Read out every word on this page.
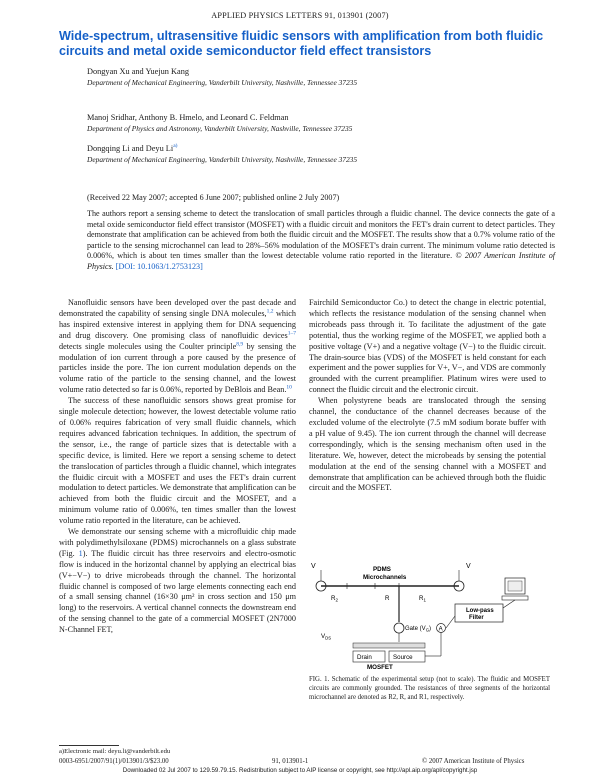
APPLIED PHYSICS LETTERS 91, 013901 (2007)
Wide-spectrum, ultrasensitive fluidic sensors with amplification from both fluidic circuits and metal oxide semiconductor field effect transistors
Dongyan Xu and Yuejun Kang
Department of Mechanical Engineering, Vanderbilt University, Nashville, Tennessee 37235
Manoj Sridhar, Anthony B. Hmelo, and Leonard C. Feldman
Department of Physics and Astronomy, Vanderbilt University, Nashville, Tennessee 37235
Dongqing Li and Deyu Li$^{a)}$
Department of Mechanical Engineering, Vanderbilt University, Nashville, Tennessee 37235
(Received 22 May 2007; accepted 6 June 2007; published online 2 July 2007)
The authors report a sensing scheme to detect the translocation of small particles through a fluidic channel. The device connects the gate of a metal oxide semiconductor field effect transistor (MOSFET) with a fluidic circuit and monitors the FET's drain current to detect particles. They demonstrate that amplification can be achieved from both the fluidic circuit and the MOSFET. The results show that a 0.7% volume ratio of the particle to the sensing microchannel can lead to 28%–56% modulation of the MOSFET's drain current. The minimum volume ratio detected is 0.006%, which is about ten times smaller than the lowest detectable volume ratio reported in the literature. © 2007 American Institute of Physics. [DOI: 10.1063/1.2753123]

Nanofluidic sensors have been developed over the past decade and demonstrated the capability of sensing single DNA molecules,$^{1,2}$ which has inspired extensive interest in applying them for DNA sequencing and drug discovery. One promising class of nanofluidic devices$^{1-7}$ detects single molecules using the Coulter principle$^{8,9}$ by sensing the modulation of ion current through a pore caused by the presence of particles inside the pore. The ion current modulation depends on the volume ratio of the particle to the sensing channel, and the lowest volume ratio detected so far is 0.06%, reported by DeBlois and Bean.$^{10}$

The success of these nanofluidic sensors shows great promise for single molecule detection; however, the lowest detectable volume ratio of 0.06% requires fabrication of very small fluidic channels, which requires advanced fabrication techniques. In addition, the spectrum of the sensor, i.e., the range of particle sizes that is detectable with a specific device, is limited. Here we report a sensing scheme to detect the translocation of particles through a fluidic channel, which integrates the fluidic circuit with a MOSFET and uses the FET's drain current modulation to detect particles. We demonstrate that amplification can be achieved from both the fluidic circuit and the MOSFET, and a minimum volume ratio of 0.006%, ten times smaller than the lowest volume ratio reported in the literature, can be achieved.

We demonstrate our sensing scheme with a microfluidic chip made with polydimethylsiloxane (PDMS) microchannels on a glass substrate (Fig. 1). The fluidic circuit has three reservoirs and electro-osmotic flow is induced in the horizontal channel by applying an electrical bias (V+−V−) to drive microbeads through the channel. The horizontal fluidic channel is composed of two large elements connecting each end of a small sensing channel (16×30 μm² in cross section and 150 μm long) to the reservoirs. A vertical channel connects the downstream end of the sensing channel to the gate of a commercial MOSFET (2N7000 N-Channel FET,

Fairchild Semiconductor Co.) to detect the change in electric potential, which reflects the resistance modulation of the sensing channel when microbeads pass through it. To facilitate the adjustment of the gate potential, thus the working regime of the MOSFET, we applied both a positive voltage (V+) and a negative voltage (V−) to the fluidic circuit. The drain-source bias (VDS) of the MOSFET is held constant for each experiment and the power supplies for V+, V−, and VDS are commonly grounded with the current preamplifier. Platinum wires were used to connect the fluidic circuit and the electronic circuit.

When polystyrene beads are translocated through the sensing channel, the conductance of the channel decreases because of the excluded volume of the electrolyte (7.5 mM sodium borate buffer with a pH value of 9.45). The ion current through the channel will decrease correspondingly, which is the sensing mechanism often used in the literature. We, however, detect the microbeads by sensing the potential modulation at the end of the sensing channel with a MOSFET and demonstrate that amplification can be achieved through both the fluidic circuit and the MOSFET.

V	V
PDMS
Microchannels
$R_2$	R	$R_1$
Gate $(V_G)$
Drain	Source
MOSFET
$V_{DS}$
A
Low-pass
Filter
FIG. 1. Schematic of the experimental setup (not to scale). The fluidic and MOSFET circuits are commonly grounded. The resistances of three segments of the horizontal microchannel are denoted as R2, R, and R1, respectively.
a)Electronic mail: deyu.li@vanderbilt.edu
0003-6951/2007/91(1)/013901/3/$23.00	91, 013901-1	© 2007 American Institute of Physics
Downloaded 02 Jul 2007 to 129.59.79.15. Redistribution subject to AIP license or copyright, see http://apl.aip.org/apl/copyright.jsp
